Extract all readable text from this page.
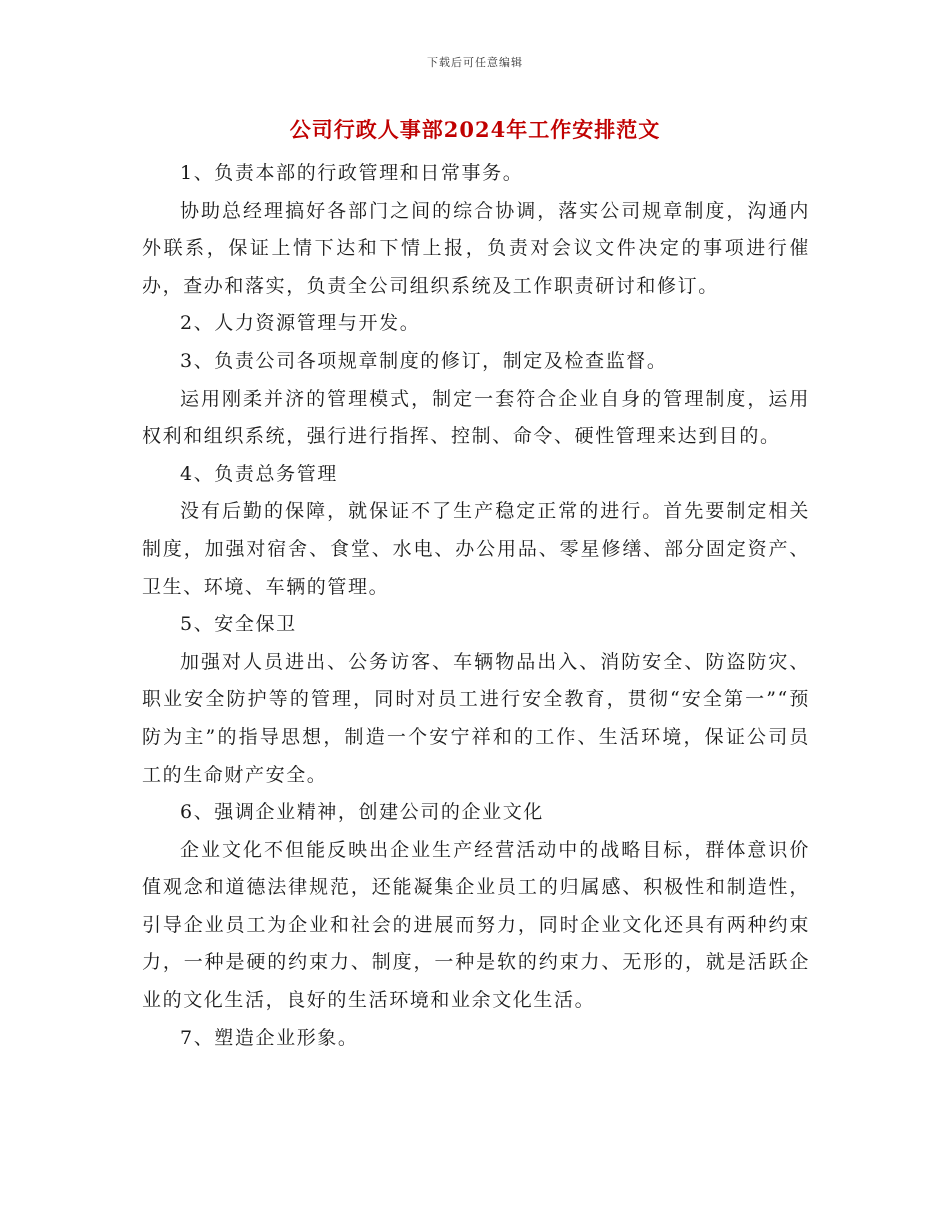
下载后可任意编辑
公司行政人事部2024年工作安排范文

1、负责本部的行政管理和日常事务。

协助总经理搞好各部门之间的综合协调，落实公司规章制度，沟通内外联系，保证上情下达和下情上报，负责对会议文件决定的事项进行催办，查办和落实，负责全公司组织系统及工作职责研讨和修订。

2、人力资源管理与开发。

3、负责公司各项规章制度的修订，制定及检查监督。

运用刚柔并济的管理模式，制定一套符合企业自身的管理制度，运用权利和组织系统，强行进行指挥、控制、命令、硬性管理来达到目的。

4、负责总务管理

没有后勤的保障，就保证不了生产稳定正常的进行。首先要制定相关制度，加强对宿舍、食堂、水电、办公用品、零星修缮、部分固定资产、卫生、环境、车辆的管理。

5、安全保卫

加强对人员进出、公务访客、车辆物品出入、消防安全、防盗防灾、职业安全防护等的管理，同时对员工进行安全教育，贯彻“安全第一”“预防为主”的指导思想，制造一个安宁祥和的工作、生活环境，保证公司员工的生命财产安全。

6、强调企业精神，创建公司的企业文化

企业文化不但能反映出企业生产经营活动中的战略目标，群体意识价值观念和道德法律规范，还能凝集企业员工的归属感、积极性和制造性，引导企业员工为企业和社会的进展而努力，同时企业文化还具有两种约束力，一种是硬的约束力、制度，一种是软的约束力、无形的，就是活跃企业的文化生活，良好的生活环境和业余文化生活。

7、塑造企业形象。
